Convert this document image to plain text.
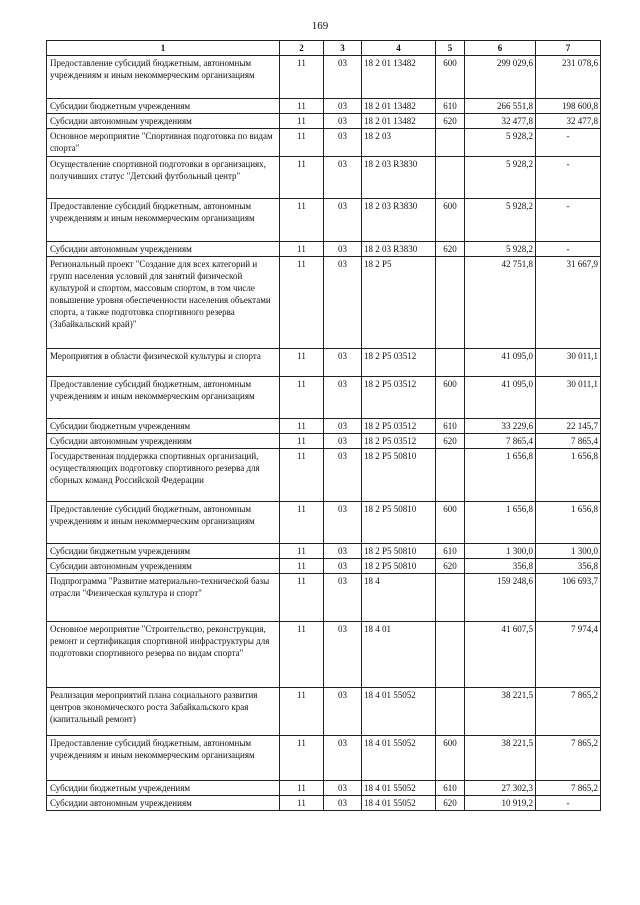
169
1	2	3	4	5	6	7
Предоставление субсидий бюджетным, автономным учреждениям и иным некоммерческим организациям	11	03	18 2 01 13482	600	299 029,6	231 078,6
Субсидии бюджетным учреждениям	11	03	18 2 01 13482	610	266 551,8	198 600,8
Субсидии автономным учреждениям	11	03	18 2 01 13482	620	32 477,8	32 477,8
Основное мероприятие "Спортивная подготовка по видам спорта"	11	03	18 2 03		5 928,2	-
Осуществление спортивной подготовки в организациях, получивших статус "Детский футбольный центр"	11	03	18 2 03 R3830		5 928,2	-
Предоставление субсидий бюджетным, автономным учреждениям и иным некоммерческим организациям	11	03	18 2 03 R3830	600	5 928,2	-
Субсидии автономным учреждениям	11	03	18 2 03 R3830	620	5 928,2	-
Региональный проект "Создание для всех категорий и групп населения условий для занятий физической культурой и спортом, массовым спортом, в том числе повышение уровня обеспеченности населения объектами спорта, а также подготовка спортивного резерва (Забайкальский край)"	11	03	18 2 P5		42 751,8	31 667,9
Мероприятия в области физической культуры и спорта	11	03	18 2 P5 03512		41 095,0	30 011,1
Предоставление субсидий бюджетным, автономным учреждениям и иным некоммерческим организациям	11	03	18 2 P5 03512	600	41 095,0	30 011,1
Субсидии бюджетным учреждениям	11	03	18 2 P5 03512	610	33 229,6	22 145,7
Субсидии автономным учреждениям	11	03	18 2 P5 03512	620	7 865,4	7 865,4
Государственная поддержка спортивных организаций, осуществляющих подготовку спортивного резерва для сборных команд Российской Федерации	11	03	18 2 P5 50810		1 656,8	1 656,8
Предоставление субсидий бюджетным, автономным учреждениям и иным некоммерческим организациям	11	03	18 2 P5 50810	600	1 656,8	1 656,8
Субсидии бюджетным учреждениям	11	03	18 2 P5 50810	610	1 300,0	1 300,0
Субсидии автономным учреждениям	11	03	18 2 P5 50810	620	356,8	356,8
Подпрограмма "Развитие материально-технической базы отрасли "Физическая культура и спорт"	11	03	18 4		159 248,6	106 693,7
Основное мероприятие "Строительство, реконструкция, ремонт и сертификация спортивной инфраструктуры для подготовки спортивного резерва по видам спорта"	11	03	18 4 01		41 607,5	7 974,4
Реализация мероприятий плана социального развития центров экономического роста Забайкальского края (капитальный ремонт)	11	03	18 4 01 55052		38 221,5	7 865,2
Предоставление субсидий бюджетным, автономным учреждениям и иным некоммерческим организациям	11	03	18 4 01 55052	600	38 221,5	7 865,2
Субсидии бюджетным учреждениям	11	03	18 4 01 55052	610	27 302,3	7 865,2
Субсидии автономным учреждениям	11	03	18 4 01 55052	620	10 919,2	-
